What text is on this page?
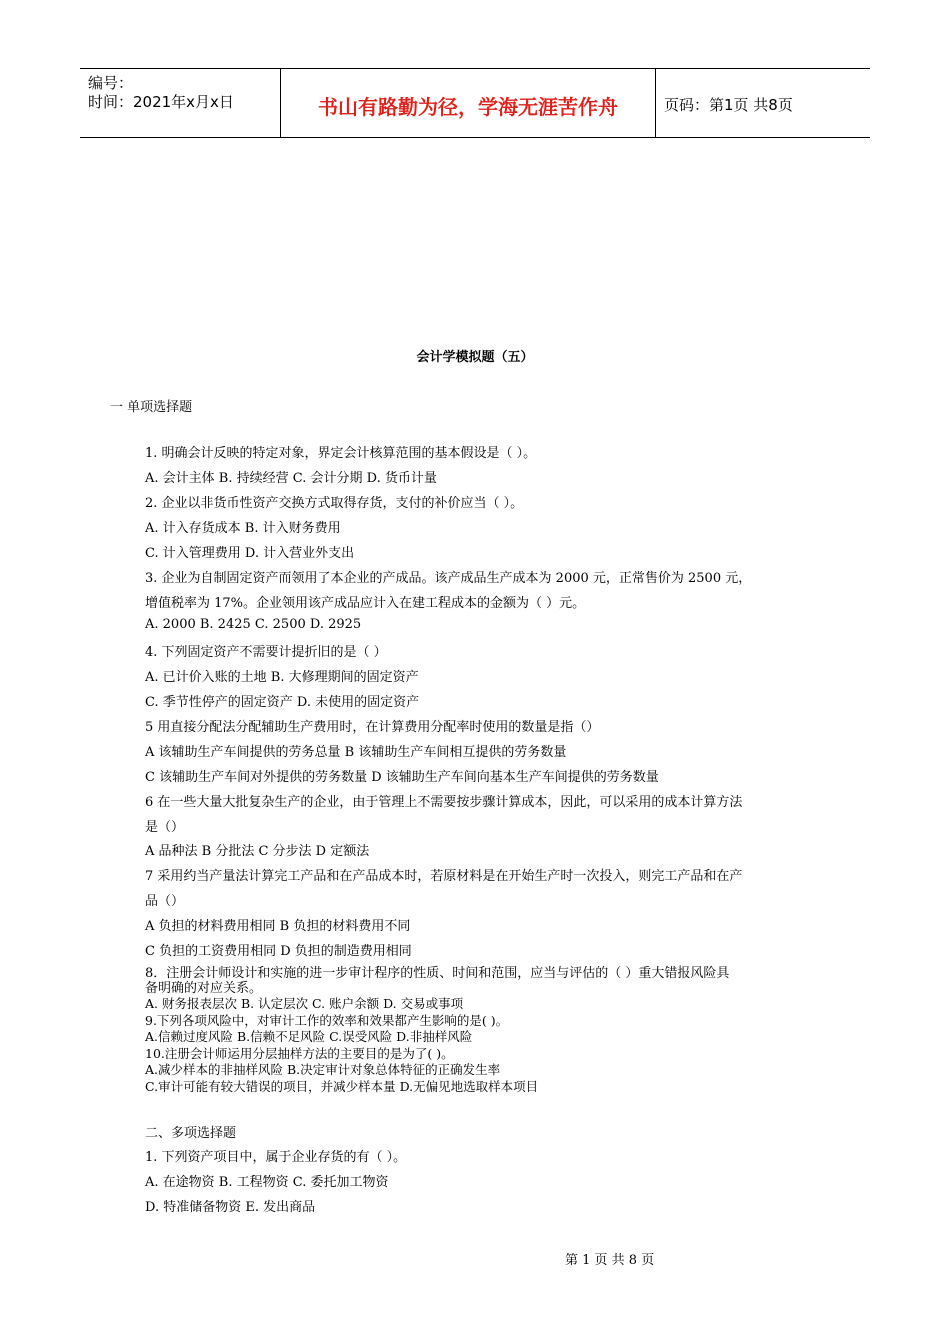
编号：
时间：2021年x月x日	书山有路勤为径，学海无涯苦作舟	页码：第1页 共8页
会计学模拟题（五）
一 单项选择题
1. 明确会计反映的特定对象，界定会计核算范围的基本假设是（ ）。
A. 会计主体 B. 持续经营 C. 会计分期 D. 货币计量
2. 企业以非货币性资产交换方式取得存货，支付的补价应当（ ）。
A. 计入存货成本 B. 计入财务费用
C. 计入管理费用 D. 计入营业外支出
3. 企业为自制固定资产而领用了本企业的产成品。该产成品生产成本为 2000 元，正常售价为 2500 元，
增值税率为 17%。企业领用该产成品应计入在建工程成本的金额为（ ）元。
A. 2000 B. 2425 C. 2500 D. 2925
4. 下列固定资产不需要计提折旧的是（ ）
A. 已计价入账的土地 B. 大修理期间的固定资产
C. 季节性停产的固定资产 D. 未使用的固定资产
5 用直接分配法分配辅助生产费用时，在计算费用分配率时使用的数量是指（）
A 该辅助生产车间提供的劳务总量 B 该辅助生产车间相互提供的劳务数量
C 该辅助生产车间对外提供的劳务数量 D 该辅助生产车间向基本生产车间提供的劳务数量
6 在一些大量大批复杂生产的企业，由于管理上不需要按步骤计算成本，因此，可以采用的成本计算方法
是（）
A 品种法 B 分批法 C 分步法 D 定额法
7 采用约当产量法计算完工产品和在产品成本时，若原材料是在开始生产时一次投入，则完工产品和在产
品（）
A 负担的材料费用相同 B 负担的材料费用不同
C 负担的工资费用相同 D 负担的制造费用相同
8．注册会计师设计和实施的进一步审计程序的性质、时间和范围，应当与评估的（ ）重大错报风险具
备明确的对应关系。
A. 财务报表层次 B. 认定层次 C. 账户余额 D. 交易或事项
9.下列各项风险中，对审计工作的效率和效果都产生影响的是( )。
A.信赖过度风险 B.信赖不足风险 C.误受风险 D.非抽样风险
10.注册会计师运用分层抽样方法的主要目的是为了( )。
A.减少样本的非抽样风险 B.决定审计对象总体特征的正确发生率
C.审计可能有较大错误的项目，并减少样本量 D.无偏见地选取样本项目
二、多项选择题
1. 下列资产项目中，属于企业存货的有（ ）。
A. 在途物资 B. 工程物资 C. 委托加工物资
D. 特准储备物资 E. 发出商品
第 1 页 共 8 页
